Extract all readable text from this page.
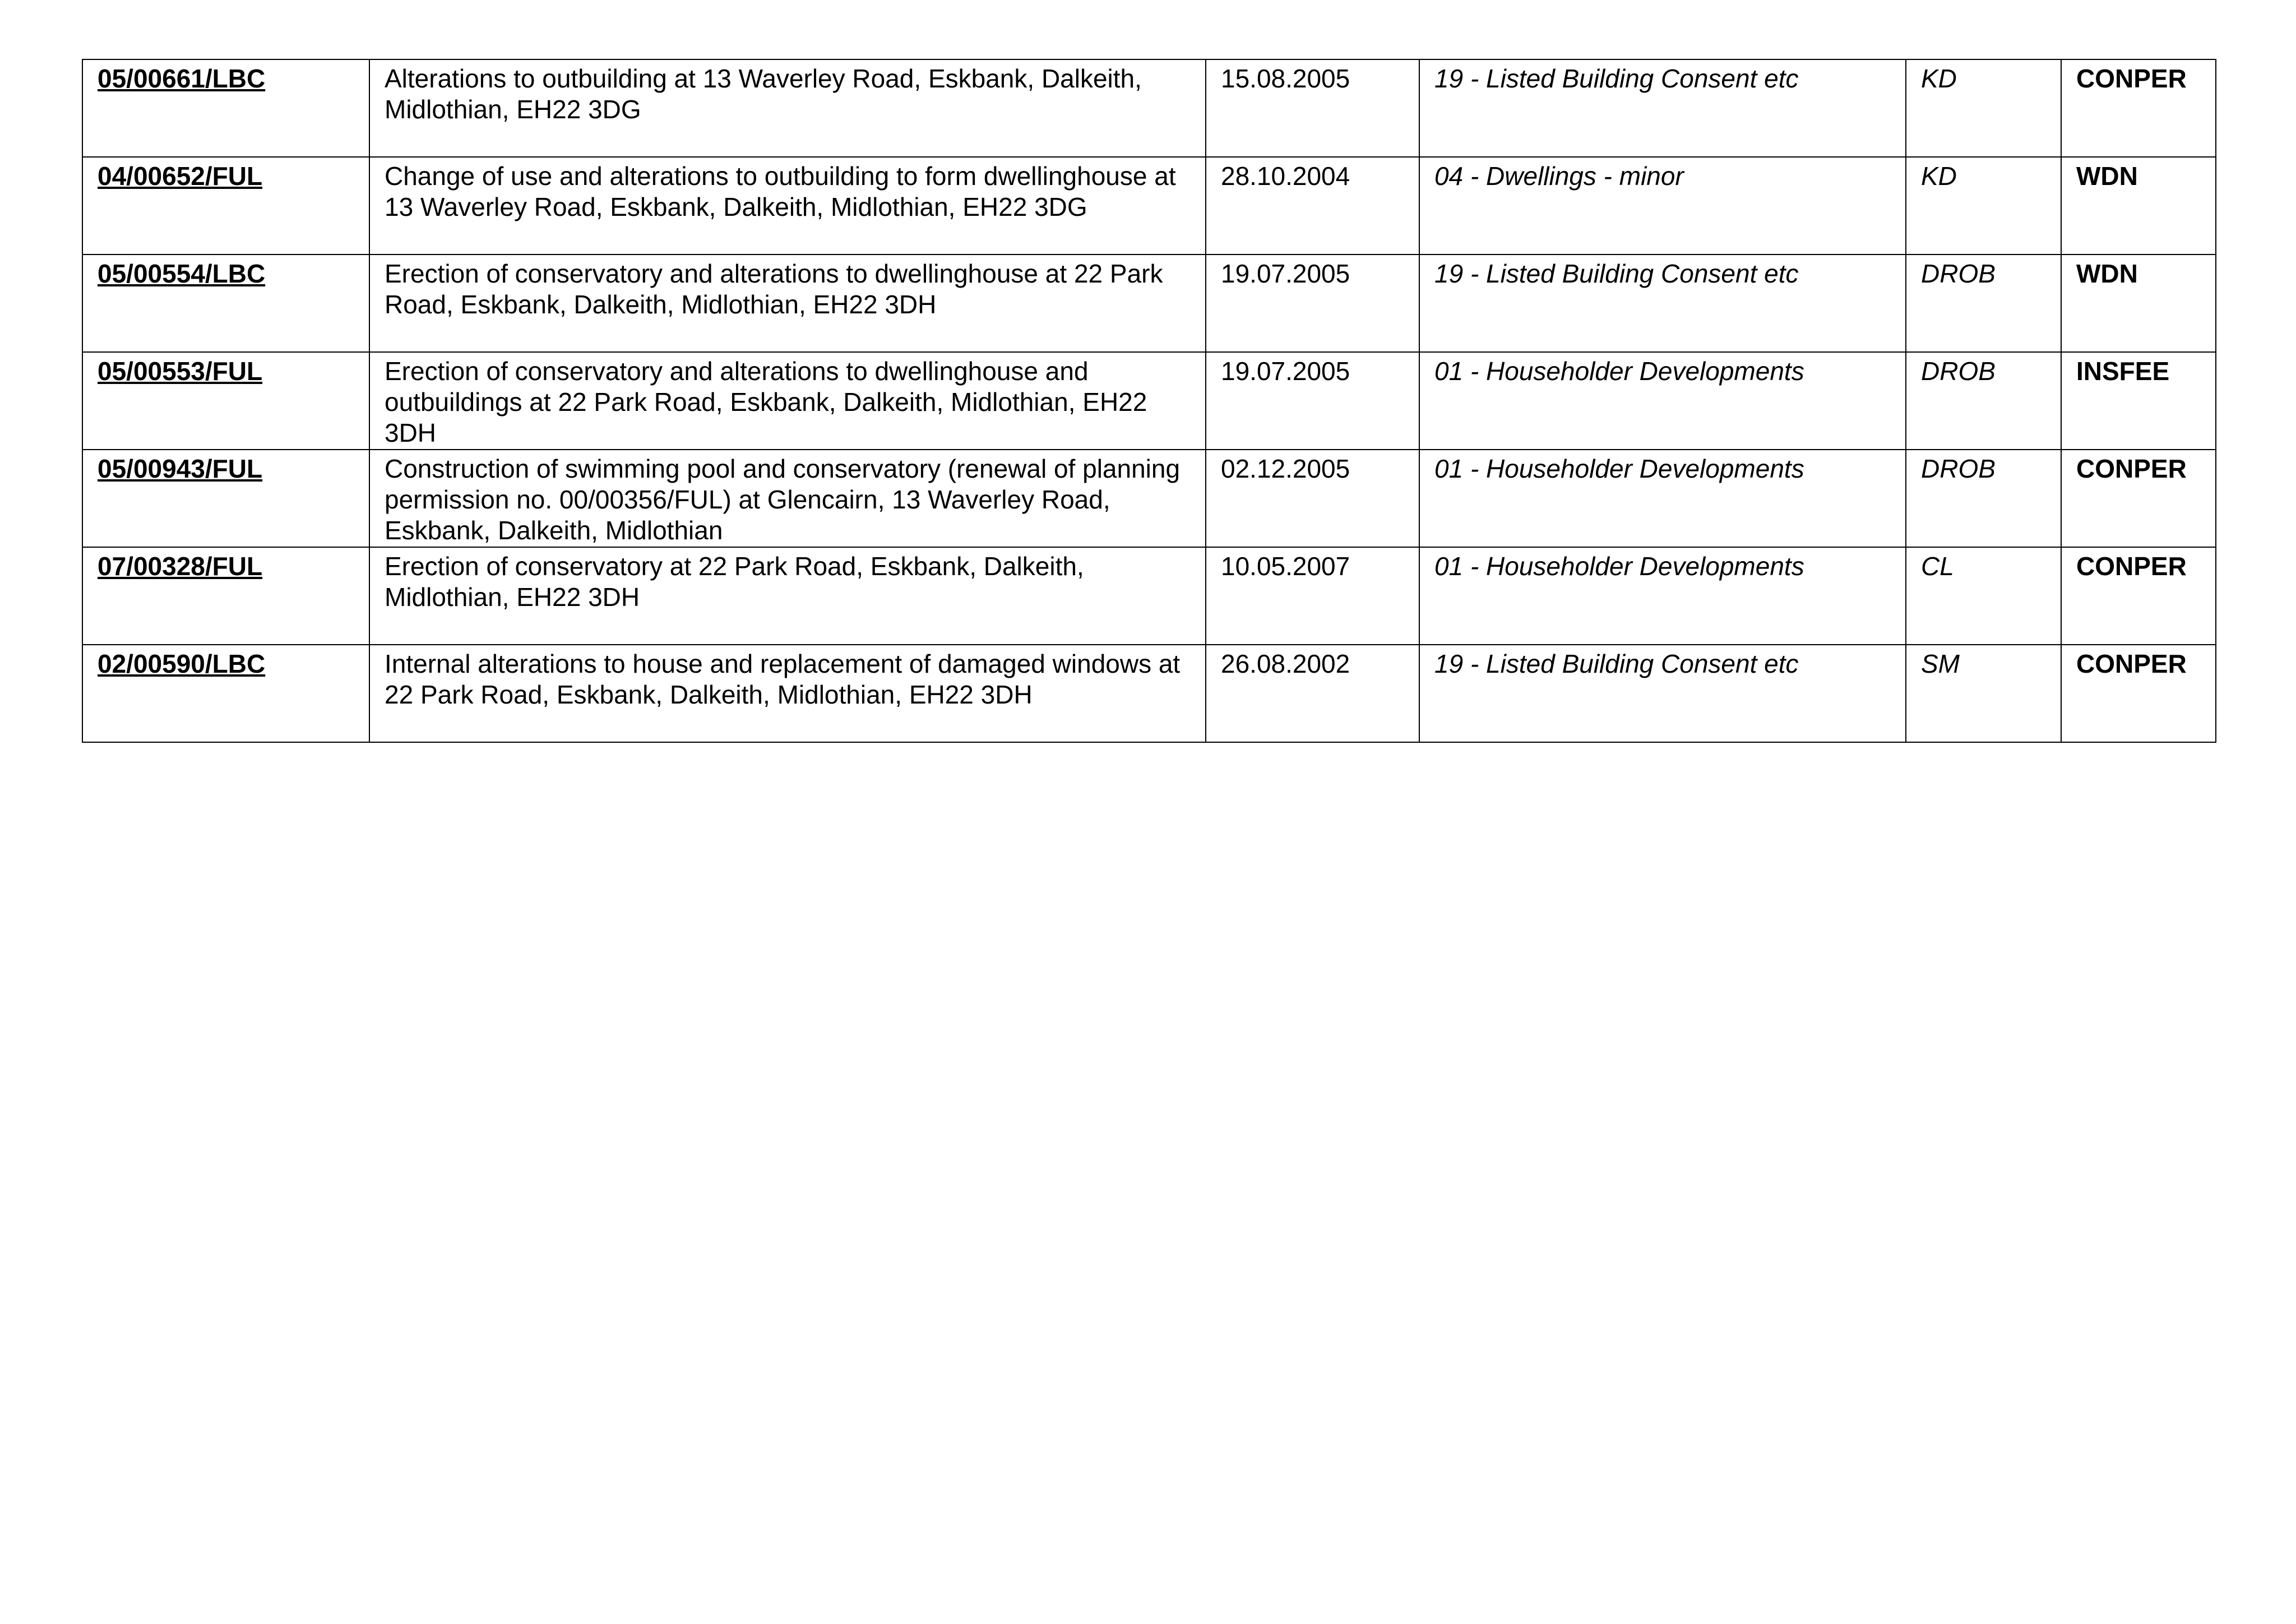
05/00661/LBC	Alterations to outbuilding at 13 Waverley Road, Eskbank, Dalkeith, Midlothian, EH22 3DG	15.08.2005	19 - Listed Building Consent etc	KD	CONPER
04/00652/FUL	Change of use and alterations to outbuilding to form dwellinghouse at 13 Waverley Road, Eskbank, Dalkeith, Midlothian, EH22 3DG	28.10.2004	04 - Dwellings - minor	KD	WDN
05/00554/LBC	Erection of conservatory and alterations to dwellinghouse at 22 Park Road, Eskbank, Dalkeith, Midlothian, EH22 3DH	19.07.2005	19 - Listed Building Consent etc	DROB	WDN
05/00553/FUL	Erection of conservatory and alterations to dwellinghouse and outbuildings at 22 Park Road, Eskbank, Dalkeith, Midlothian, EH22 3DH	19.07.2005	01 - Householder Developments	DROB	INSFEE
05/00943/FUL	Construction of swimming pool and conservatory (renewal of planning permission no. 00/00356/FUL) at Glencairn, 13 Waverley Road, Eskbank, Dalkeith, Midlothian	02.12.2005	01 - Householder Developments	DROB	CONPER
07/00328/FUL	Erection of conservatory at 22 Park Road, Eskbank, Dalkeith, Midlothian, EH22 3DH	10.05.2007	01 - Householder Developments	CL	CONPER
02/00590/LBC	Internal alterations to house and replacement of damaged windows at 22 Park Road, Eskbank, Dalkeith, Midlothian, EH22 3DH	26.08.2002	19 - Listed Building Consent etc	SM	CONPER
